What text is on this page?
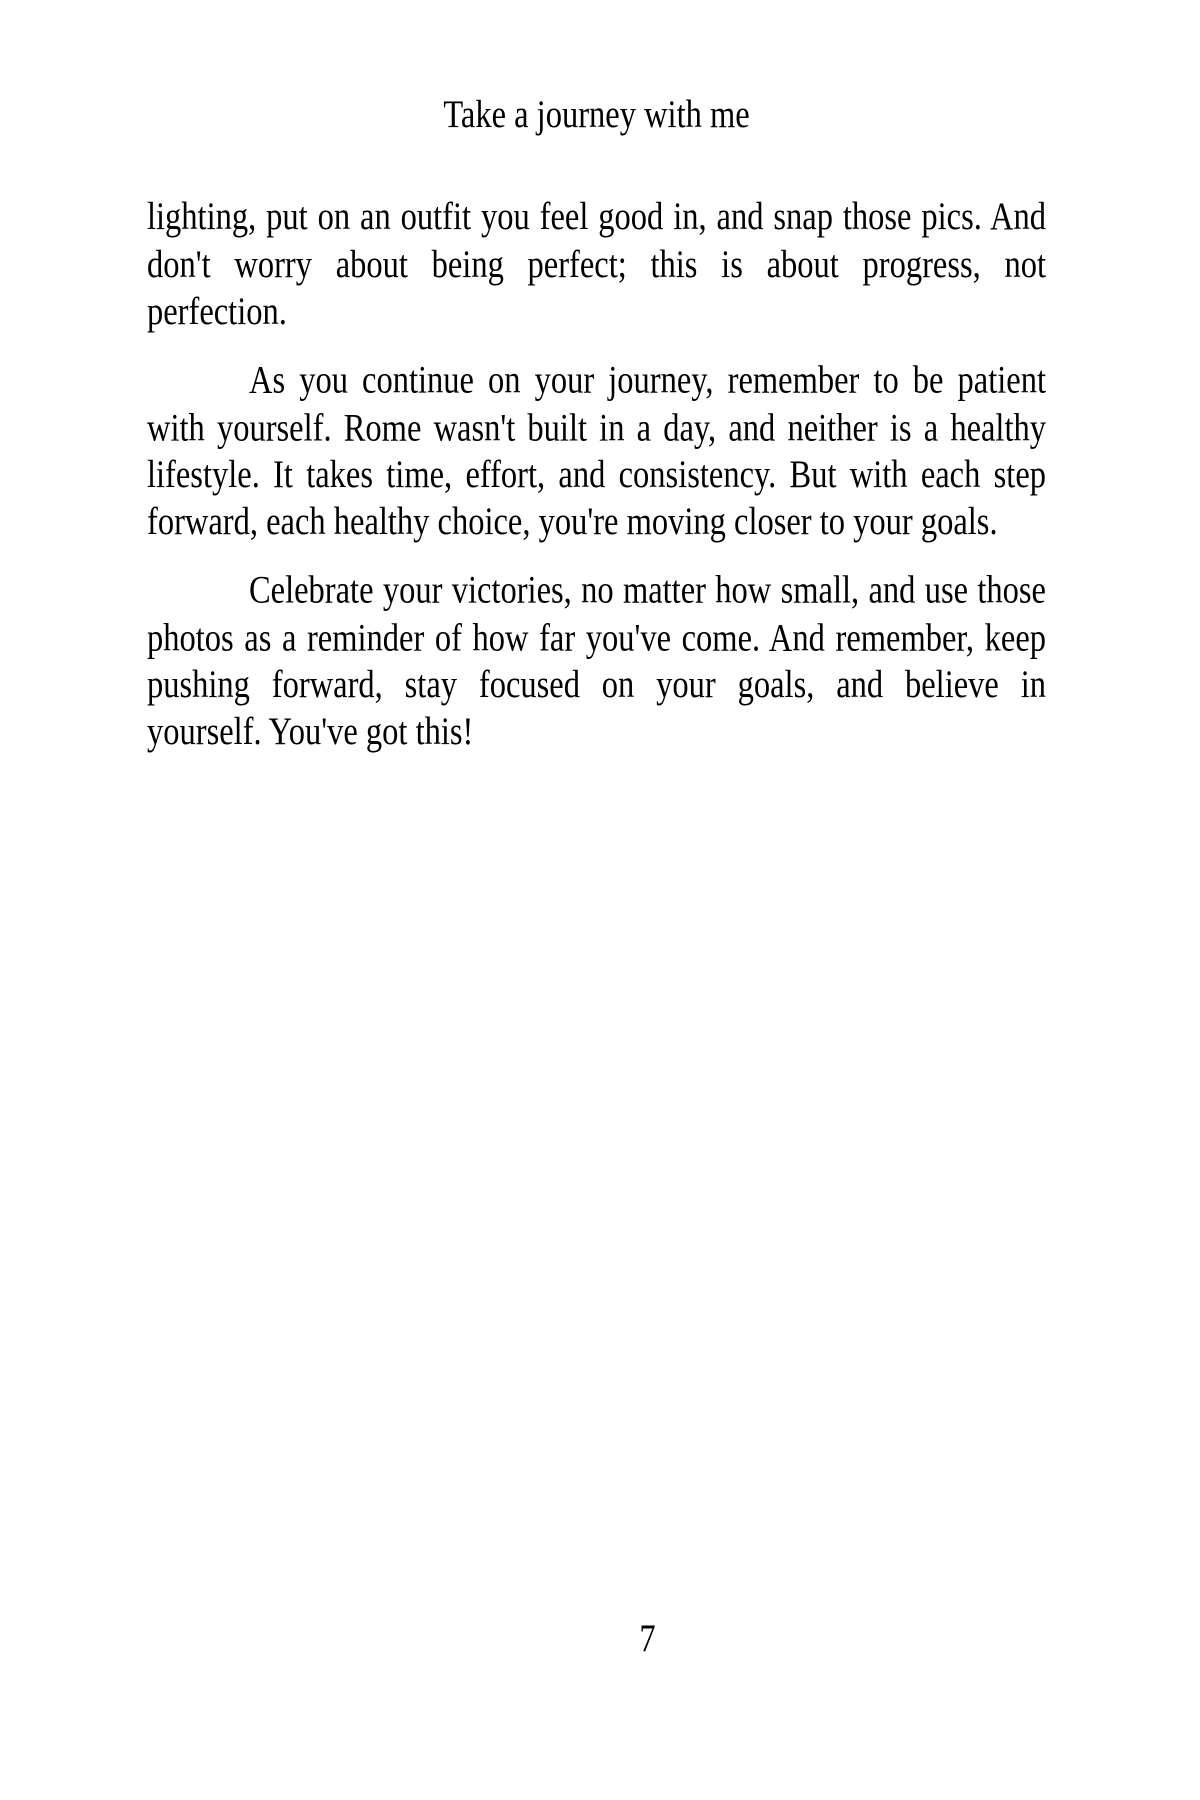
Take a journey with me
lighting, put on an outfit you feel good in, and snap those pics. And
don't worry about being perfect; this is about progress, not
perfection.
As you continue on your journey, remember to be patient
with yourself. Rome wasn't built in a day, and neither is a healthy
lifestyle. It takes time, effort, and consistency. But with each step
forward, each healthy choice, you're moving closer to your goals.
Celebrate your victories, no matter how small, and use those
photos as a reminder of how far you've come. And remember, keep
pushing forward, stay focused on your goals, and believe in
yourself. You've got this!
7
